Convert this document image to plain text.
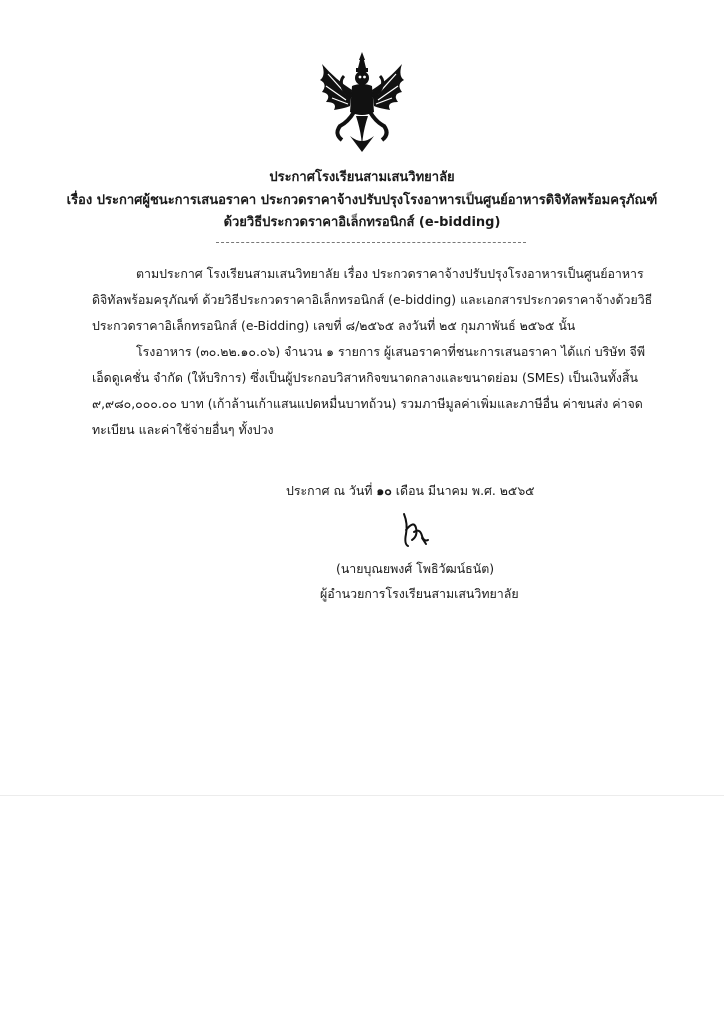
ประกาศโรงเรียนสามเสนวิทยาลัย
เรื่อง ประกาศผู้ชนะการเสนอราคา ประกวดราคาจ้างปรับปรุงโรงอาหารเป็นศูนย์อาหารดิจิทัลพร้อมครุภัณฑ์
ด้วยวิธีประกวดราคาอิเล็กทรอนิกส์ (e-bidding)
ตามประกาศ โรงเรียนสามเสนวิทยาลัย เรื่อง ประกวดราคาจ้างปรับปรุงโรงอาหารเป็นศูนย์อาหาร
ดิจิทัลพร้อมครุภัณฑ์ ด้วยวิธีประกวดราคาอิเล็กทรอนิกส์ (e-bidding) และเอกสารประกวดราคาจ้างด้วยวิธี
ประกวดราคาอิเล็กทรอนิกส์ (e-Bidding) เลขที่ ๘/๒๕๖๕ ลงวันที่ ๒๕ กุมภาพันธ์ ๒๕๖๕ นั้น
โรงอาหาร (๓๐.๒๒.๑๐.๐๖) จำนวน ๑ รายการ ผู้เสนอราคาที่ชนะการเสนอราคา ได้แก่ บริษัท จีพี
เอ็ดดูเคชั่น จำกัด (ให้บริการ) ซึ่งเป็นผู้ประกอบวิสาหกิจขนาดกลางและขนาดย่อม (SMEs) เป็นเงินทั้งสิ้น
๙,๙๘๐,๐๐๐.๐๐ บาท (เก้าล้านเก้าแสนแปดหมื่นบาทถ้วน) รวมภาษีมูลค่าเพิ่มและภาษีอื่น ค่าขนส่ง ค่าจด
ทะเบียน และค่าใช้จ่ายอื่นๆ ทั้งปวง
ประกาศ ณ วันที่ ๑๐ เดือน มีนาคม พ.ศ. ๒๕๖๕
(นายบุณยพงศ์ โพธิวัฒน์ธนัต)
ผู้อำนวยการโรงเรียนสามเสนวิทยาลัย
